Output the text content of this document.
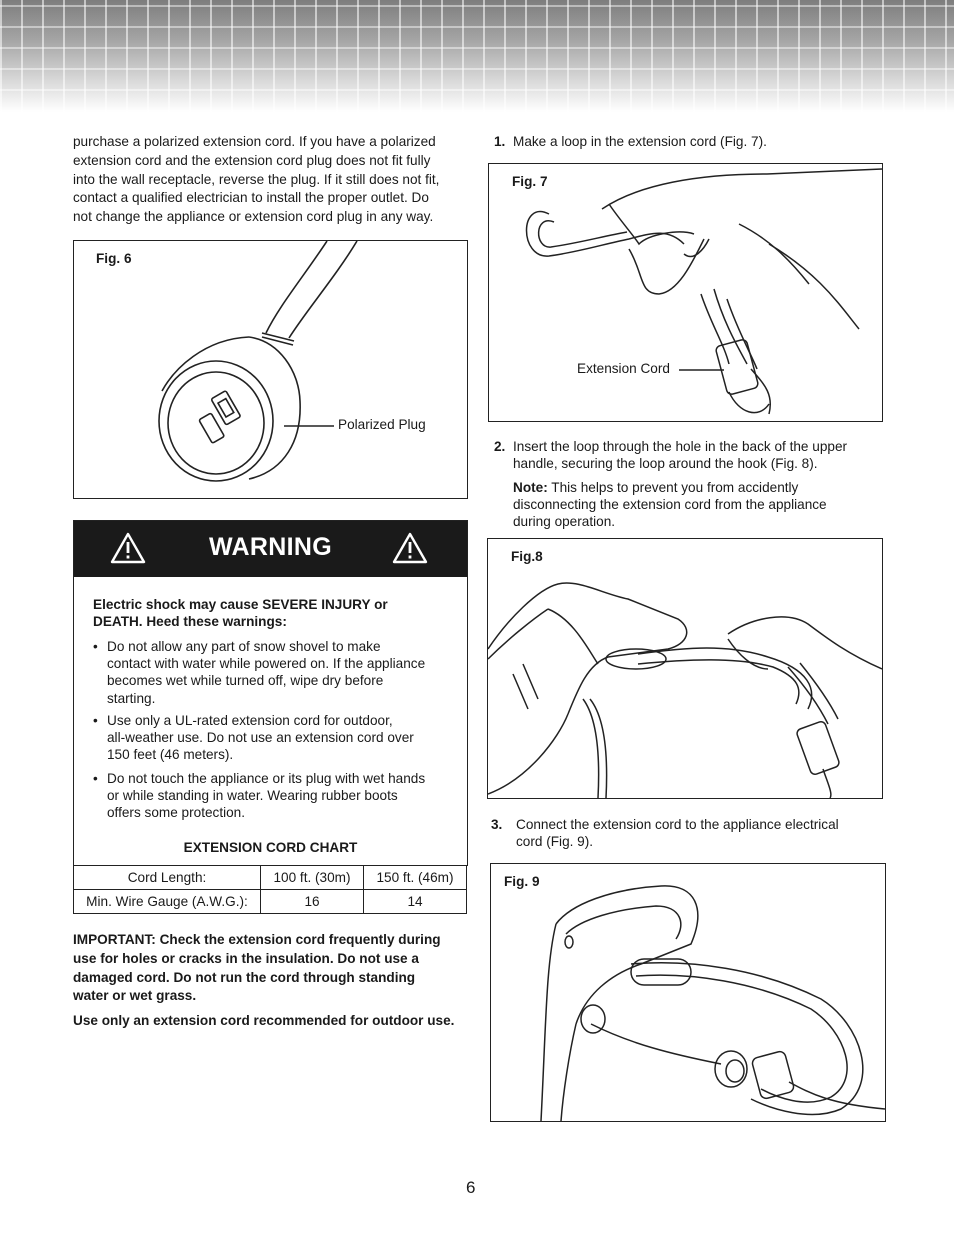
purchase a polarized extension cord. If you have a polarized
extension cord and the extension cord plug does not fit fully
into the wall receptacle, reverse the plug. If it still does not fit,
contact a qualified electrician to install the proper outlet. Do
not change the appliance or extension cord plug in any way.

Fig. 6
Polarized Plug
WARNING
Electric shock may cause SEVERE INJURY or
DEATH. Heed these warnings:
• Do not allow any part of snow shovel to make
contact with water while powered on. If the appliance
becomes wet while turned off, wipe dry before
starting.
• Use only a UL-rated extension cord for outdoor,
all-weather use. Do not use an extension cord over
150 feet (46 meters).
• Do not touch the appliance or its plug with wet hands
or while standing in water. Wearing rubber boots
offers some protection.
EXTENSION CORD CHART
Cord Length:	100 ft. (30m)	150 ft. (46m)
Min. Wire Gauge (A.W.G.):	16	14

IMPORTANT: Check the extension cord frequently during
use for holes or cracks in the insulation. Do not use a
damaged cord. Do not run the cord through standing
water or wet grass.

Use only an extension cord recommended for outdoor use.

1. Make a loop in the extension cord (Fig. 7).
Fig. 7
Extension Cord
2. Insert the loop through the hole in the back of the upper
handle, securing the loop around the hook (Fig. 8).
Note: This helps to prevent you from accidently
disconnecting the extension cord from the appliance
during operation.
Fig.8
3. Connect the extension cord to the appliance electrical
cord (Fig. 9).
Fig. 9
6
